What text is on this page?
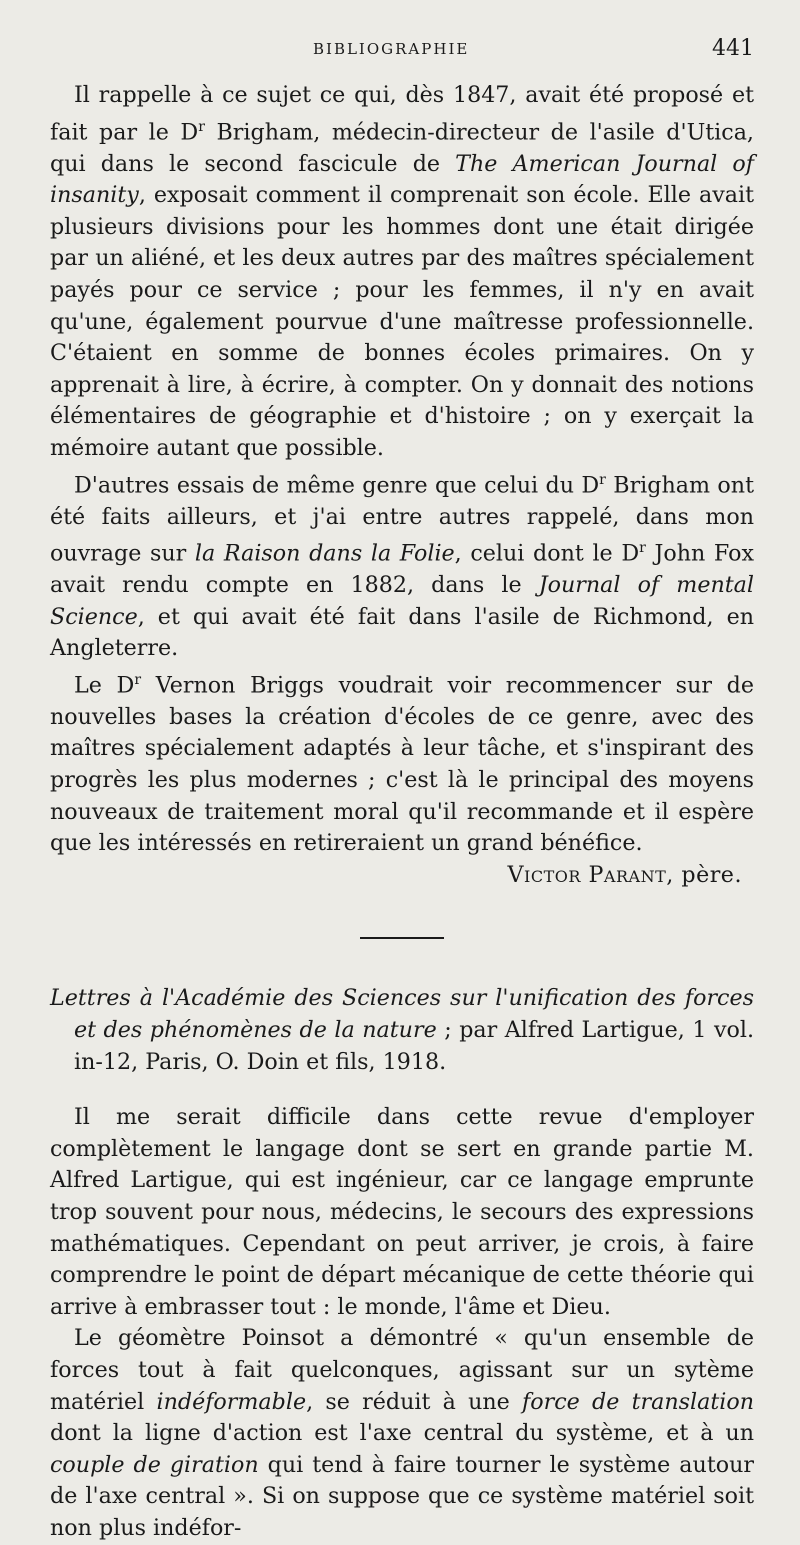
BIBLIOGRAPHIE	441

Il rappelle à ce sujet ce qui, dès 1847, avait été proposé et fait par le $D^r$ Brigham, médecin-directeur de l'asile d'Utica, qui dans le second fascicule de The American Journal of insanity, exposait comment il comprenait son école. Elle avait plusieurs divisions pour les hommes dont une était dirigée par un aliéné, et les deux autres par des maîtres spécialement payés pour ce service ; pour les femmes, il n'y en avait qu'une, également pourvue d'une maîtresse professionnelle. C'étaient en somme de bonnes écoles primaires. On y apprenait à lire, à écrire, à compter. On y donnait des notions élémentaires de géographie et d'histoire ; on y exerçait la mémoire autant que possible.

D'autres essais de même genre que celui du $D^r$ Brigham ont été faits ailleurs, et j'ai entre autres rappelé, dans mon ouvrage sur la Raison dans la Folie, celui dont le $D^r$ John Fox avait rendu compte en 1882, dans le Journal of mental Science, et qui avait été fait dans l'asile de Richmond, en Angleterre.

Le $D^r$ Vernon Briggs voudrait voir recommencer sur de nouvelles bases la création d'écoles de ce genre, avec des maîtres spécialement adaptés à leur tâche, et s'inspirant des progrès les plus modernes ; c'est là le principal des moyens nouveaux de traitement moral qu'il recommande et il espère que les intéressés en retireraient un grand bénéfice.

Victor Parant, père.

Lettres à l'Académie des Sciences sur l'unification des forces et des phénomènes de la nature ; par Alfred Lartigue, 1 vol. in-12, Paris, O. Doin et fils, 1918.

Il me serait difficile dans cette revue d'employer complètement le langage dont se sert en grande partie M. Alfred Lartigue, qui est ingénieur, car ce langage emprunte trop souvent pour nous, médecins, le secours des expressions mathématiques. Cependant on peut arriver, je crois, à faire comprendre le point de départ mécanique de cette théorie qui arrive à embrasser tout : le monde, l'âme et Dieu.

Le géomètre Poinsot a démontré « qu'un ensemble de forces tout à fait quelconques, agissant sur un sytème matériel indéformable, se réduit à une force de translation dont la ligne d'action est l'axe central du système, et à un couple de giration qui tend à faire tourner le système autour de l'axe central ». Si on suppose que ce système matériel soit non plus indéfor-
